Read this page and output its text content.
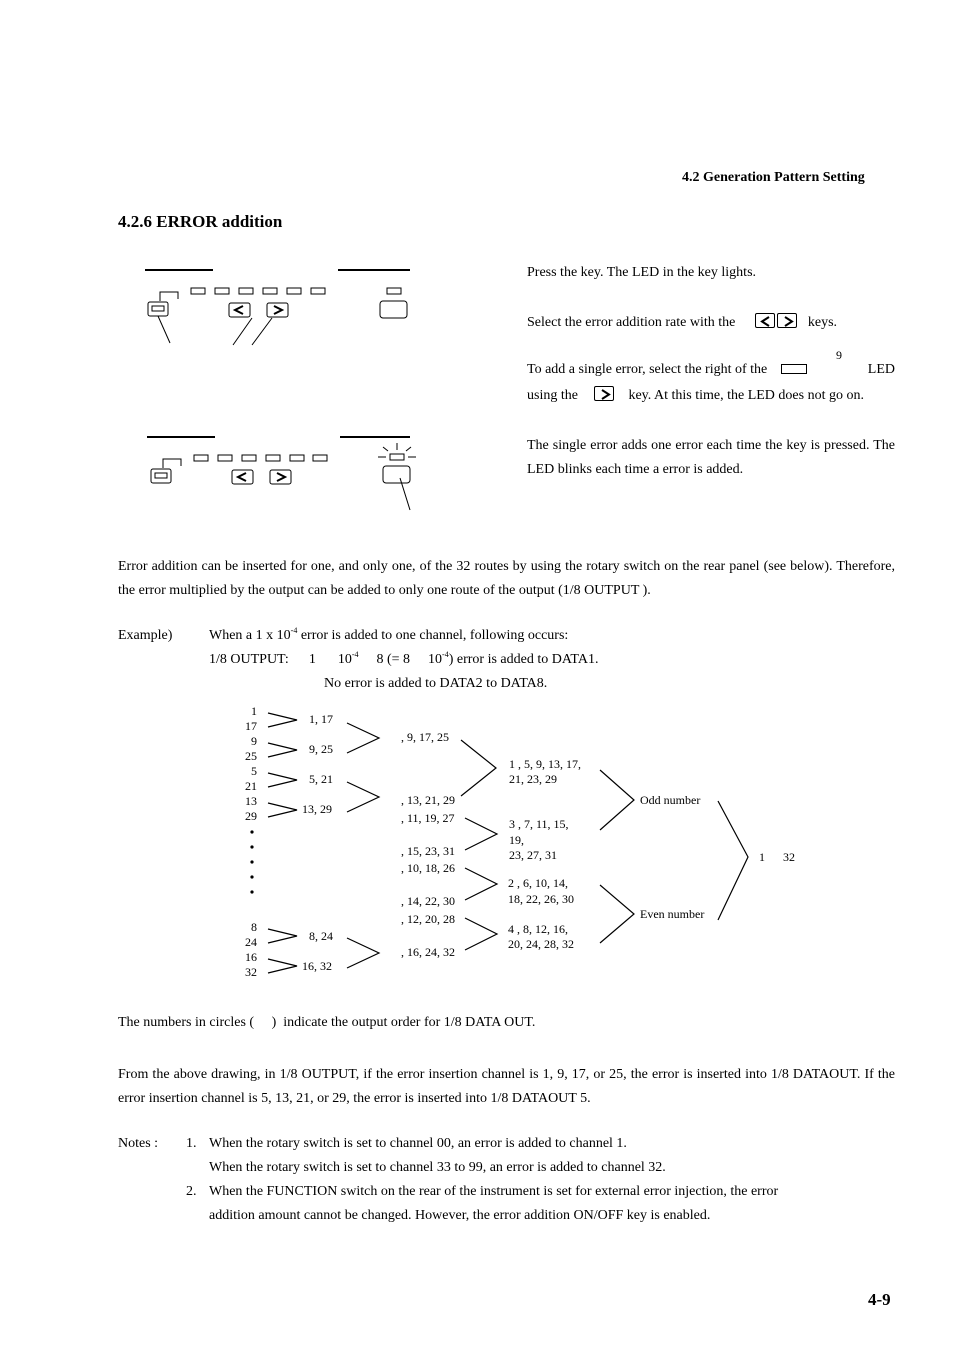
4.2 Generation Pattern Setting
4.2.6 ERROR addition
Press the key. The LED in the key lights.
Select the error addition rate with the	keys.
9
To add a single error, select the right of the	LED
using the	key. At this time, the LED does not go on.
The single error adds one error each time the key is pressed. The LED blinks each time a error is added.
Error addition can be inserted for one, and only one, of the 32 routes by using the rotary switch on the rear panel (see below). Therefore, the error multiplied by the output can be added to only one route of the output (1/8 OUTPUT ).
Example)	When a 1 x $10^{-4}$ error is added to one channel, following occurs:
1/8 OUTPUT: 1 $10^{-4}$ 8 (= 8 $10^{-4}$) error is added to DATA1.
No error is added to DATA2 to DATA8.
1
17
9
25
5
21
13
29
8
24
16
32
1, 17
9, 25
5, 21
13, 29
8, 24
16, 32
, 9, 17, 25
, 13, 21, 29
, 11, 19, 27
, 15, 23, 31
, 10, 18, 26
, 14, 22, 30
, 12, 20, 28
, 16, 24, 32
1 , 5, 9, 13, 17,
21, 23, 29
3 , 7, 11, 15,
19,
23, 27, 31
2 , 6, 10, 14,
18, 22, 26, 30
4 , 8, 12, 16,
20, 24, 28, 32
Odd number
Even number
1 32
The numbers in circles (     )  indicate the output order for 1/8 DATA OUT.
From the above drawing, in 1/8 OUTPUT, if the error insertion channel is 1, 9, 17, or 25, the error is inserted into 1/8 DATAOUT. If the error insertion channel is 5, 13, 21, or 29, the error is inserted into 1/8 DATAOUT 5.
Notes : 1. When the rotary switch is set to channel 00, an error is added to channel 1.
When the rotary switch is set to channel 33 to 99, an error is added to channel 32.
2. When the FUNCTION switch on the rear of the instrument is set for external error injection, the error
addition amount cannot be changed. However, the error addition ON/OFF key is enabled.
4-9
